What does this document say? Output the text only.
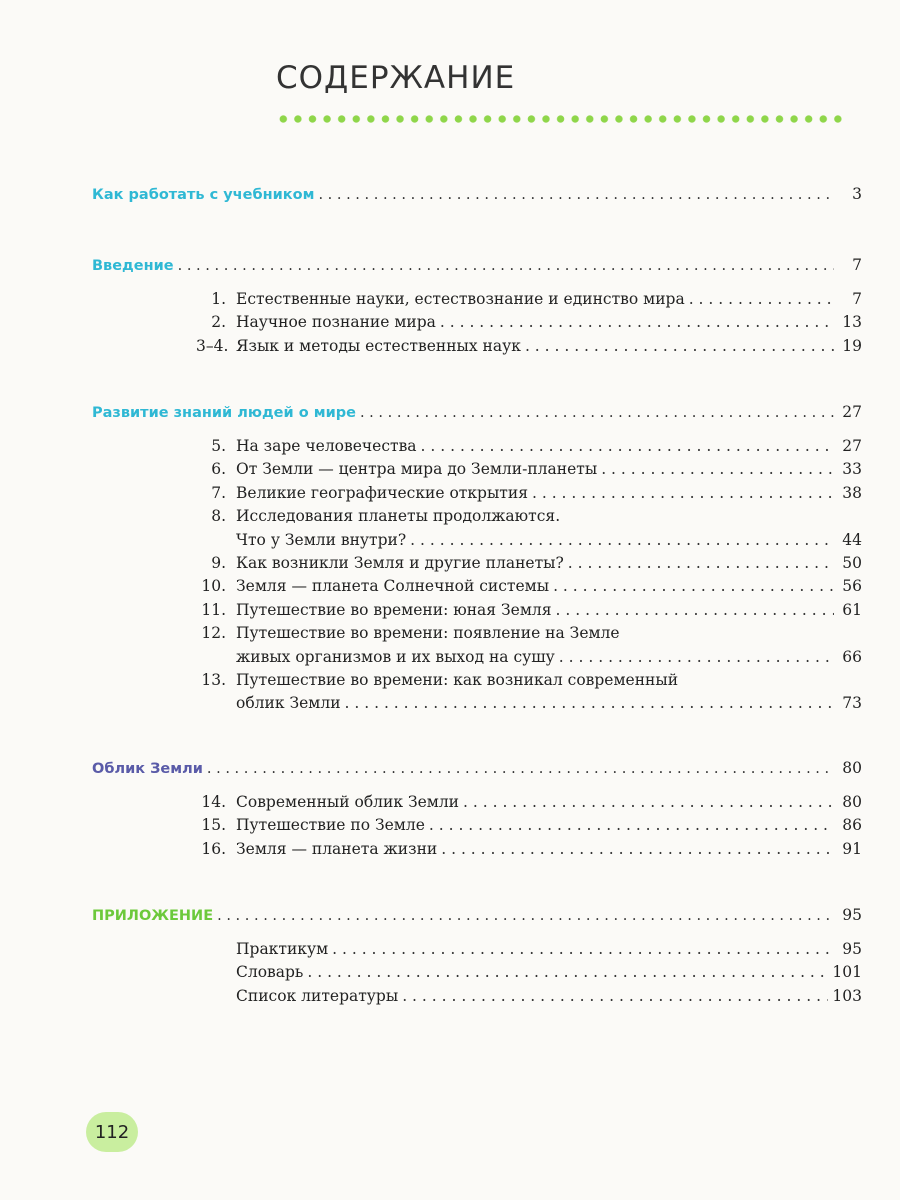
СОДЕРЖАНИЕ
Как работать с учебником . . .	3
Введение . . .	7
1. Естественные науки, естествознание и единство мира . . .	7
2. Научное познание мира . . .	13
3–4. Язык и методы естественных наук . . .	19
Развитие знаний людей о мире . . .	27
5. На заре человечества . . .	27
6. От Земли — центра мира до Земли-планеты . . .	33
7. Великие географические открытия . . .	38
8. Исследования планеты продолжаются.
Что у Земли внутри? . . .	44
9. Как возникли Земля и другие планеты? . . .	50
10. Земля — планета Солнечной системы . . .	56
11. Путешествие во времени: юная Земля . . .	61
12. Путешествие во времени: появление на Земле
живых организмов и их выход на сушу . . .	66
13. Путешествие во времени: как возникал современный
облик Земли . . .	73
Облик Земли . . .	80
14. Современный облик Земли . . .	80
15. Путешествие по Земле . . .	86
16. Земля — планета жизни . . .	91
ПРИЛОЖЕНИЕ . . .	95
Практикум . . .	95
Словарь . . .	101
Список литературы . . .	103
112
